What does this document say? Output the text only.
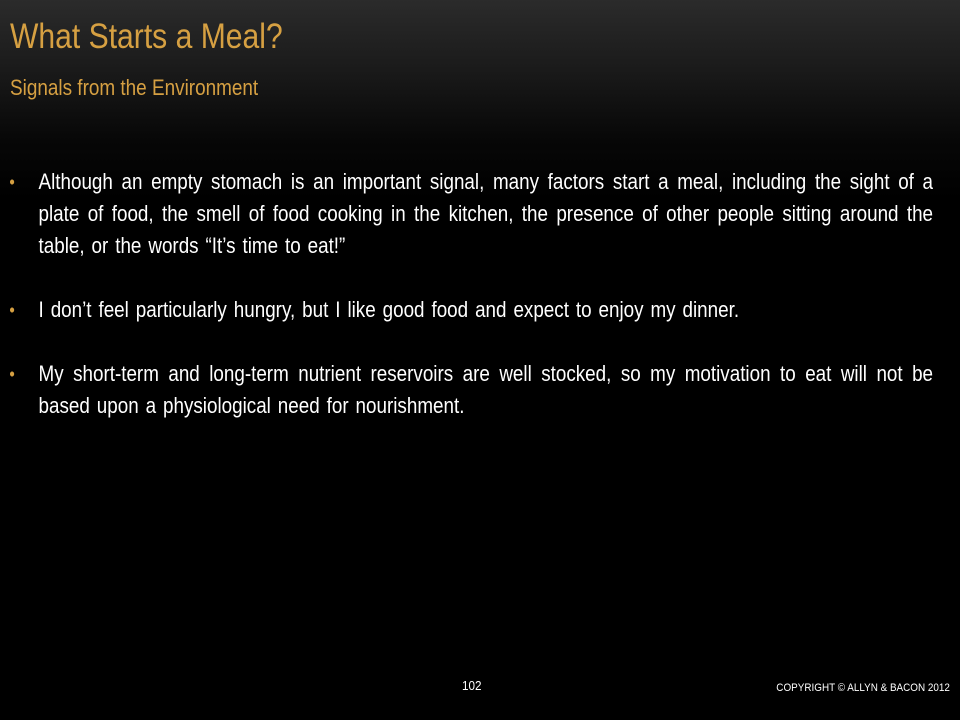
What Starts a Meal?
Signals from the Environment
• Although an empty stomach is an important signal, many factors start a meal, including the sight of a plate of food, the smell of food cooking in the kitchen, the presence of other people sitting around the table, or the words “It’s time to eat!”
• I don’t feel particularly hungry, but I like good food and expect to enjoy my dinner.
• My short-term and long-term nutrient reservoirs are well stocked, so my motivation to eat will not be based upon a physiological need for nourishment.
102	COPYRIGHT © ALLYN & BACON 2012
